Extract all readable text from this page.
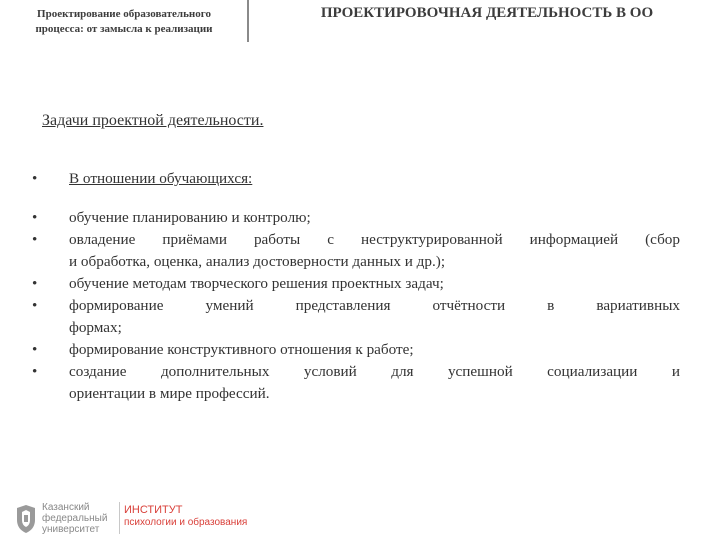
Проектирование образовательного
процесса: от замысла к реализации
ПРОЕКТИРОВОЧНАЯ ДЕЯТЕЛЬНОСТЬ В ОО
Задачи проектной деятельности.
•	В отношении обучающихся:
•	обучение планированию и контролю;
•	овладение приёмами работы с неструктурированной информацией (сбор
и обработка, оценка, анализ достоверности данных и др.);
•	обучение методам творческого решения проектных задач;
•	формирование умений представления отчётности в вариативных
формах;
•	формирование конструктивного отношения к работе;
•	создание дополнительных условий для успешной социализации и
ориентации в мире профессий.
Казанский
федеральный
университет
ИНСТИТУТ
психологии и образования
